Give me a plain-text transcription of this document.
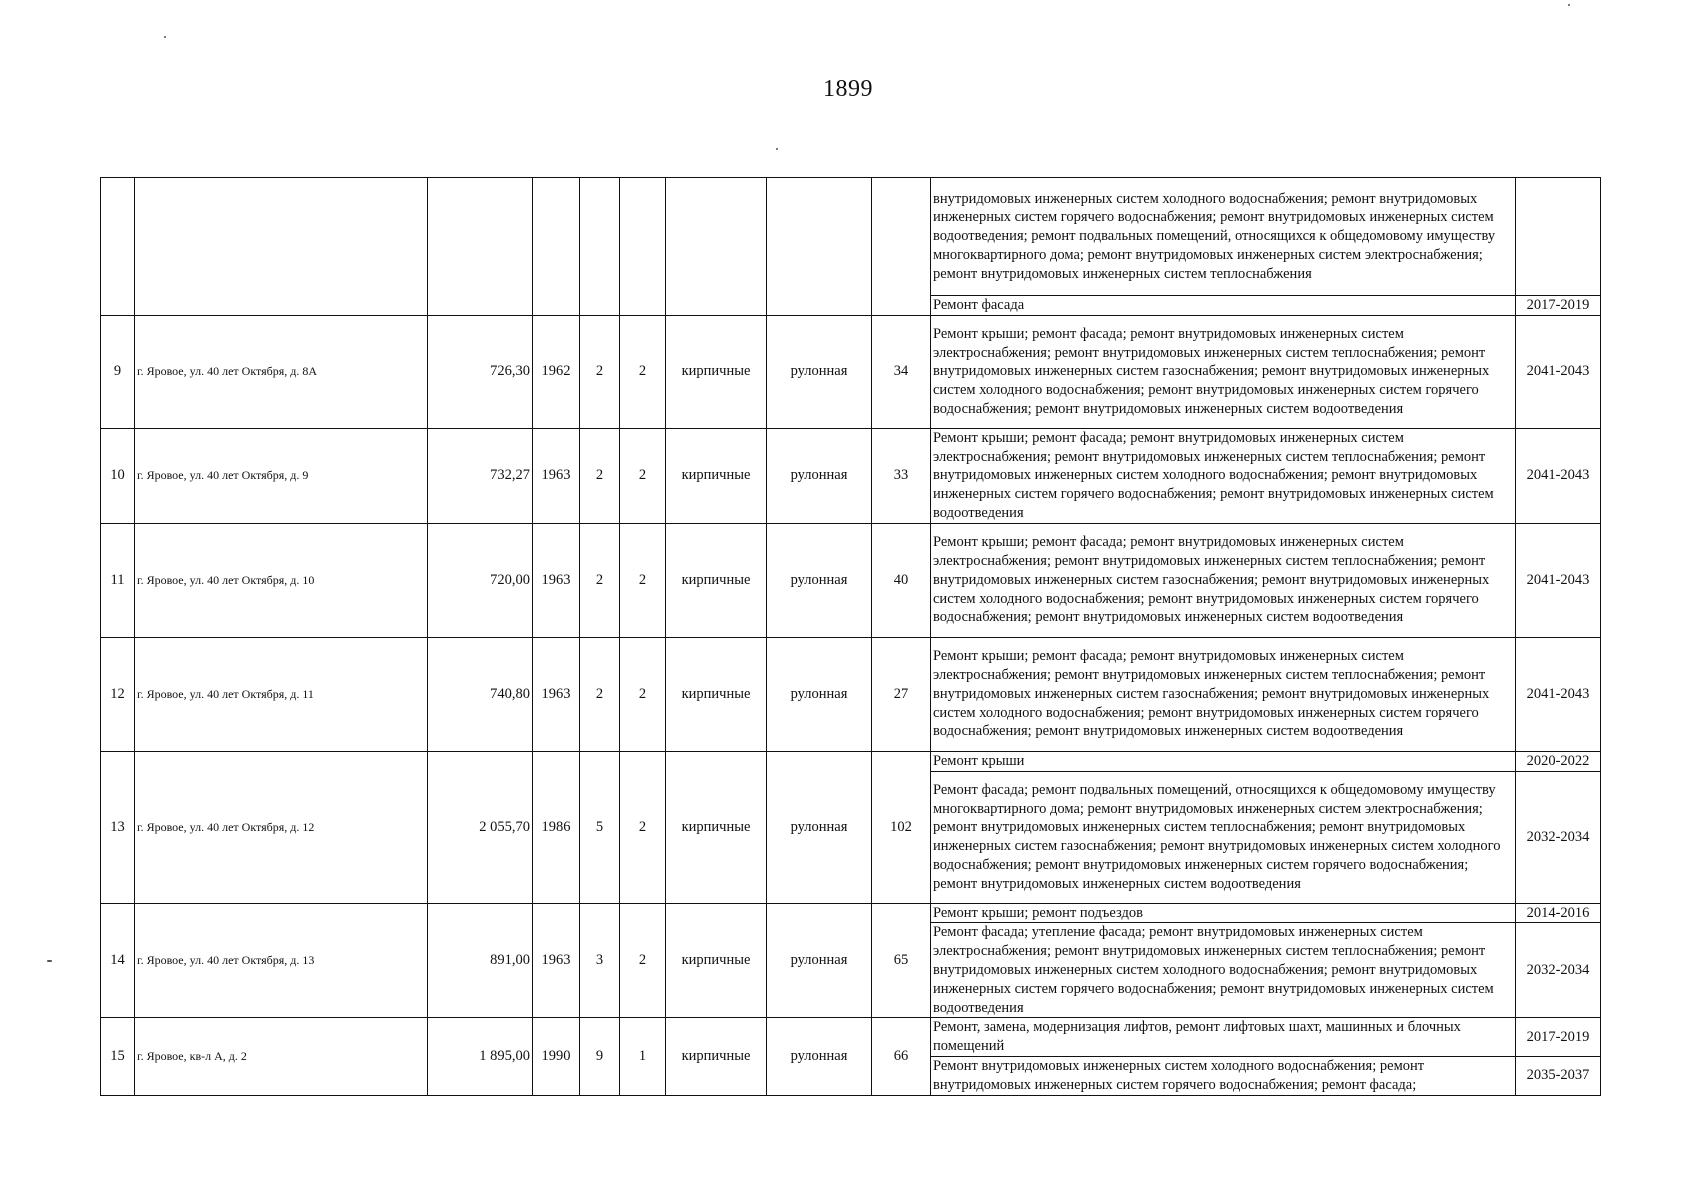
1899
									внутридомовых инженерных систем холодного водоснабжения; ремонт внутридомовых инженерных систем горячего водоснабжения; ремонт внутридомовых инженерных систем водоотведения; ремонт подвальных помещений, относящихся к общедомовому имуществу многоквартирного дома; ремонт внутридомовых инженерных систем электроснабжения; ремонт внутридомовых инженерных систем теплоснабжения	
									Ремонт фасада	2017-2019
9	г. Яровое, ул. 40 лет Октября, д. 8А	726,30	1962	2	2	кирпичные	рулонная	34	Ремонт крыши; ремонт фасада; ремонт внутридомовых инженерных систем электроснабжения; ремонт внутридомовых инженерных систем теплоснабжения; ремонт внутридомовых инженерных систем газоснабжения; ремонт внутридомовых инженерных систем холодного водоснабжения; ремонт внутридомовых инженерных систем горячего водоснабжения; ремонт внутридомовых инженерных систем водоотведения	2041-2043
10	г. Яровое, ул. 40 лет Октября, д. 9	732,27	1963	2	2	кирпичные	рулонная	33	Ремонт крыши; ремонт фасада; ремонт внутридомовых инженерных систем электроснабжения; ремонт внутридомовых инженерных систем теплоснабжения; ремонт внутридомовых инженерных систем холодного водоснабжения; ремонт внутридомовых инженерных систем горячего водоснабжения; ремонт внутридомовых инженерных систем водоотведения	2041-2043
11	г. Яровое, ул. 40 лет Октября, д. 10	720,00	1963	2	2	кирпичные	рулонная	40	Ремонт крыши; ремонт фасада; ремонт внутридомовых инженерных систем электроснабжения; ремонт внутридомовых инженерных систем теплоснабжения; ремонт внутридомовых инженерных систем газоснабжения; ремонт внутридомовых инженерных систем холодного водоснабжения; ремонт внутридомовых инженерных систем горячего водоснабжения; ремонт внутридомовых инженерных систем водоотведения	2041-2043
12	г. Яровое, ул. 40 лет Октября, д. 11	740,80	1963	2	2	кирпичные	рулонная	27	Ремонт крыши; ремонт фасада; ремонт внутридомовых инженерных систем электроснабжения; ремонт внутридомовых инженерных систем теплоснабжения; ремонт внутридомовых инженерных систем газоснабжения; ремонт внутридомовых инженерных систем холодного водоснабжения; ремонт внутридомовых инженерных систем горячего водоснабжения; ремонт внутридомовых инженерных систем водоотведения	2041-2043
13	г. Яровое, ул. 40 лет Октября, д. 12	2 055,70	1986	5	2	кирпичные	рулонная	102	Ремонт крыши	2020-2022
									Ремонт фасада; ремонт подвальных помещений, относящихся к общедомовому имуществу многоквартирного дома; ремонт внутридомовых инженерных систем электроснабжения; ремонт внутридомовых инженерных систем теплоснабжения; ремонт внутридомовых инженерных систем газоснабжения; ремонт внутридомовых инженерных систем холодного водоснабжения; ремонт внутридомовых инженерных систем горячего водоснабжения; ремонт внутридомовых инженерных систем водоотведения	2032-2034
14	г. Яровое, ул. 40 лет Октября, д. 13	891,00	1963	3	2	кирпичные	рулонная	65	Ремонт крыши; ремонт подъездов	2014-2016
									Ремонт фасада; утепление фасада; ремонт внутридомовых инженерных систем электроснабжения; ремонт внутридомовых инженерных систем теплоснабжения; ремонт внутридомовых инженерных систем холодного водоснабжения; ремонт внутридомовых инженерных систем горячего водоснабжения; ремонт внутридомовых инженерных систем водоотведения	2032-2034
15	г. Яровое, кв-л А, д. 2	1 895,00	1990	9	1	кирпичные	рулонная	66	Ремонт, замена, модернизация лифтов, ремонт лифтовых шахт, машинных и блочных помещений	2017-2019
									Ремонт внутридомовых инженерных систем холодного водоснабжения; ремонт внутридомовых инженерных систем горячего водоснабжения; ремонт фасада;	2035-2037
